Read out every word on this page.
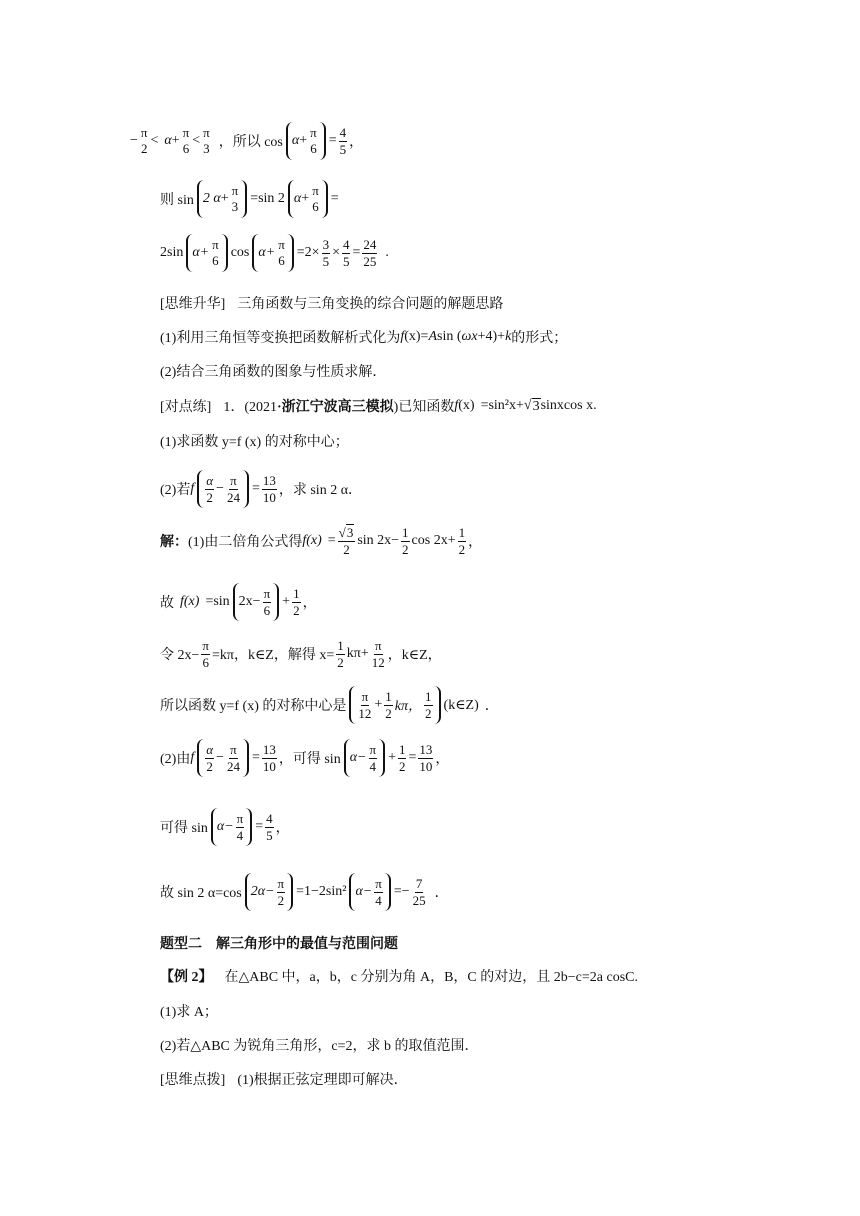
−
π
2
< α +
π
6
<
π
3 ，所以 cos α +
π
6
= $\frac{4}{5}$ ，
则 sin 2 α +
π
3
=sin 2 α +
π
6
=
2sin α+
π
6
cos α+
π
6
$=2\times \frac{3}{5} \times \frac{4}{5} = \frac{24}{25}$ .
[思维升华] 三角函数与三角变换的综合问题的解题思路
(1)利用三角恒等变换把函数解析式化为 f (x)= A sin ( ω x +4)+ k 的形式；
(2)结合三角函数的图象与性质求解．
[对点练] 1．(2021 ·浙江宁波高三模拟 )已知函数 f (x) =sin²x+ √ 3 sinxcos x.
(1)求函数 y=f (x) 的对称中心；
(2)若 f $\frac{\alpha}{2} - \frac{\pi}{24} = \frac{13}{10}$ ，求 sin 2 α．
解： (1)由二倍角公式得 $f(x) = \frac{√3}{2}$ $\sin 2x- \frac{1}{2}$ $\cos 2x+ \frac{1}{2}$ ，
故 f(x) =sin $2x- \frac{\pi}{6} + \frac{1}{2}$ ，
令 $2x- \frac{\pi}{6} =k\pi$，k∈Z，解得 $x= \frac{1}{2} k\pi+ \frac{\pi}{12}$ ，k∈Z，
所以函数 y=f (x) 的对称中心是 $\frac{\pi}{12} + \frac{1}{2}$ kπ， $\frac{1}{2}$ (k∈Z) ．
(2)由 f $\frac{\alpha}{2} - \frac{\pi}{24} = \frac{13}{10}$ ，可得 $\sin \alpha- \frac{\pi}{4} + \frac{1}{2} = \frac{13}{10}$ ，
可得 $\sin \alpha- \frac{\pi}{4} = \frac{4}{5}$ ，
故 sin 2 α=cos $2\alpha- \frac{\pi}{2} =1-2\sin^2$ $\alpha- \frac{\pi}{4} =- \frac{7}{25}$ ．
题型二　解三角形中的最值与范围问题
【例 2】 在△ABC 中，a，b，c 分别为角 A，B，C 的对边，且 2b−c=2a cosC.
(1)求 A；
(2)若△ABC 为锐角三角形，c=2，求 b 的取值范围．
[思维点拨] (1)根据正弦定理即可解决．
